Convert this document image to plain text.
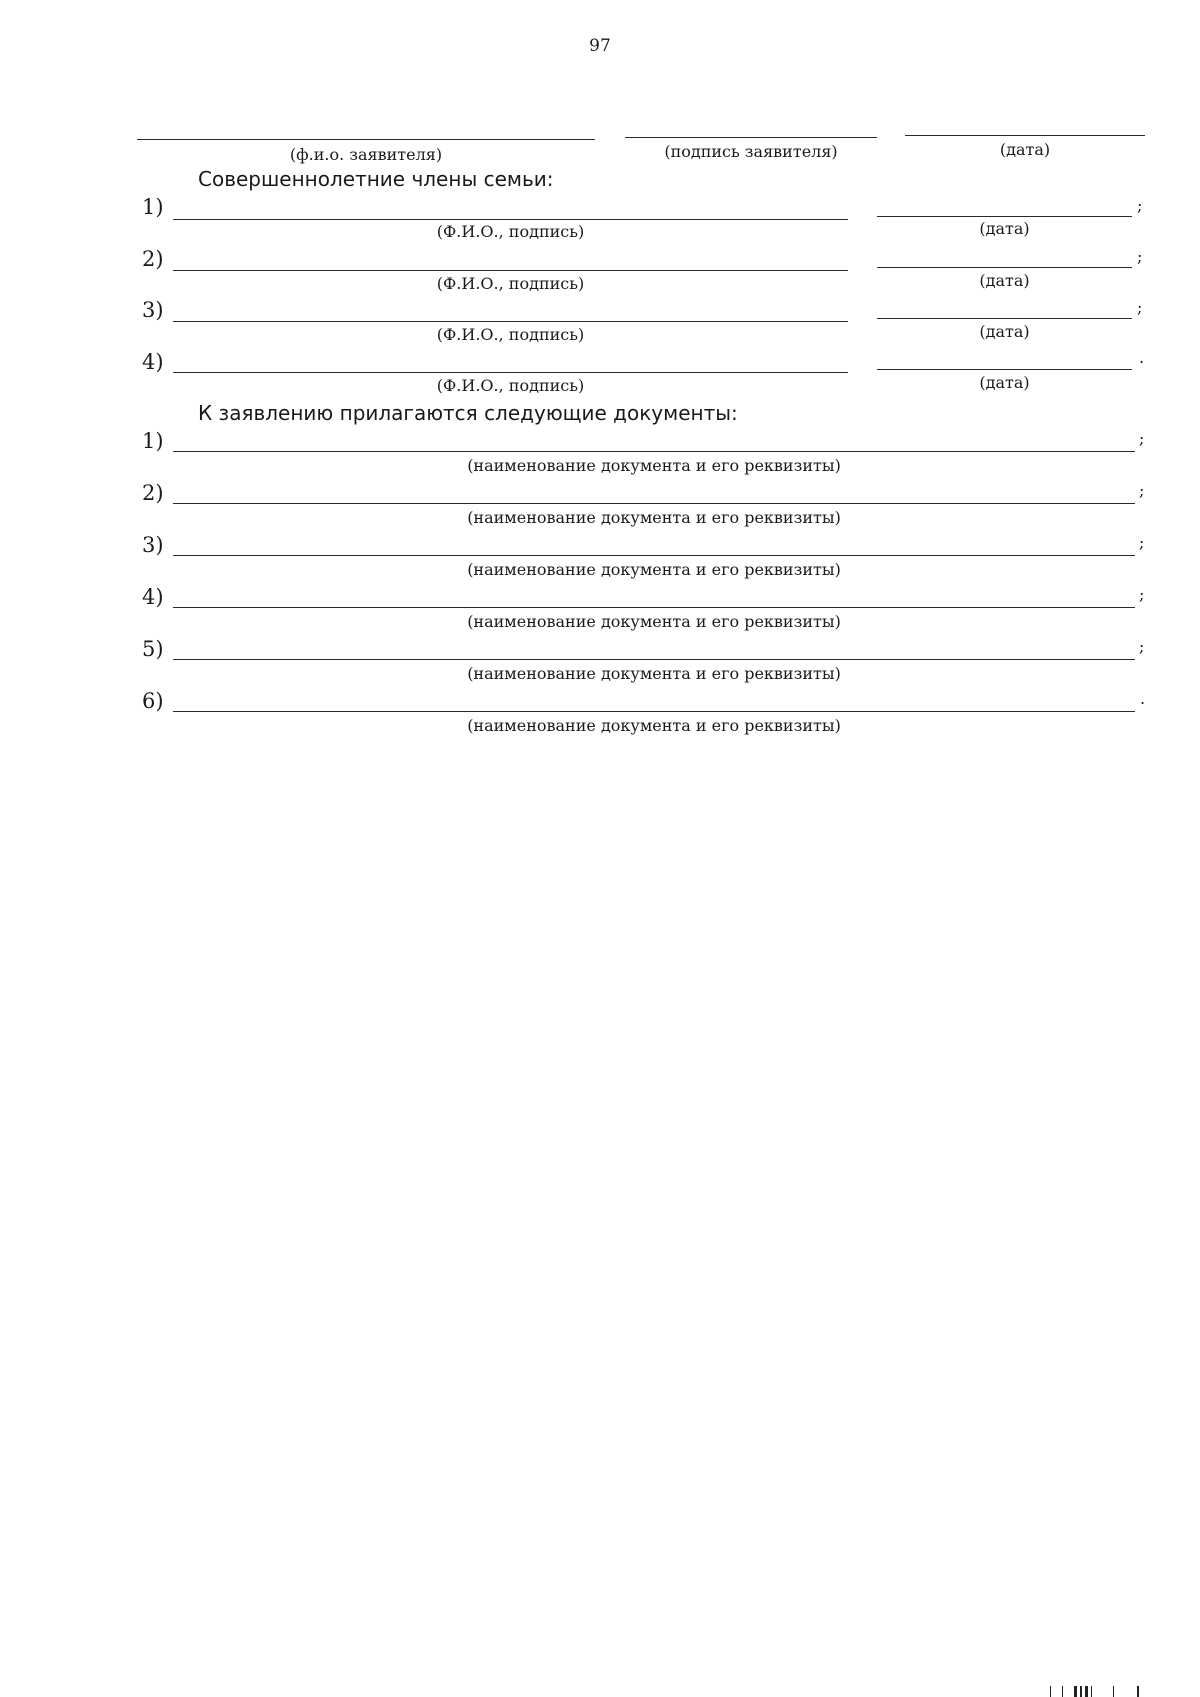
97
(ф.и.о. заявителя)	(подпись заявителя)	(дата)
Совершеннолетние члены семьи:
1)
(Ф.И.О., подпись)	(дата)
;
2)
(Ф.И.О., подпись)	(дата)
;
3)
(Ф.И.О., подпись)	(дата)
;
4)
(Ф.И.О., подпись)	(дата)
.
К заявлению прилагаются следующие документы:
1)
(наименование документа и его реквизиты)
;
2)
(наименование документа и его реквизиты)
;
3)
(наименование документа и его реквизиты)
;
4)
(наименование документа и его реквизиты)
;
5)
(наименование документа и его реквизиты)
;
6)
(наименование документа и его реквизиты)
.
